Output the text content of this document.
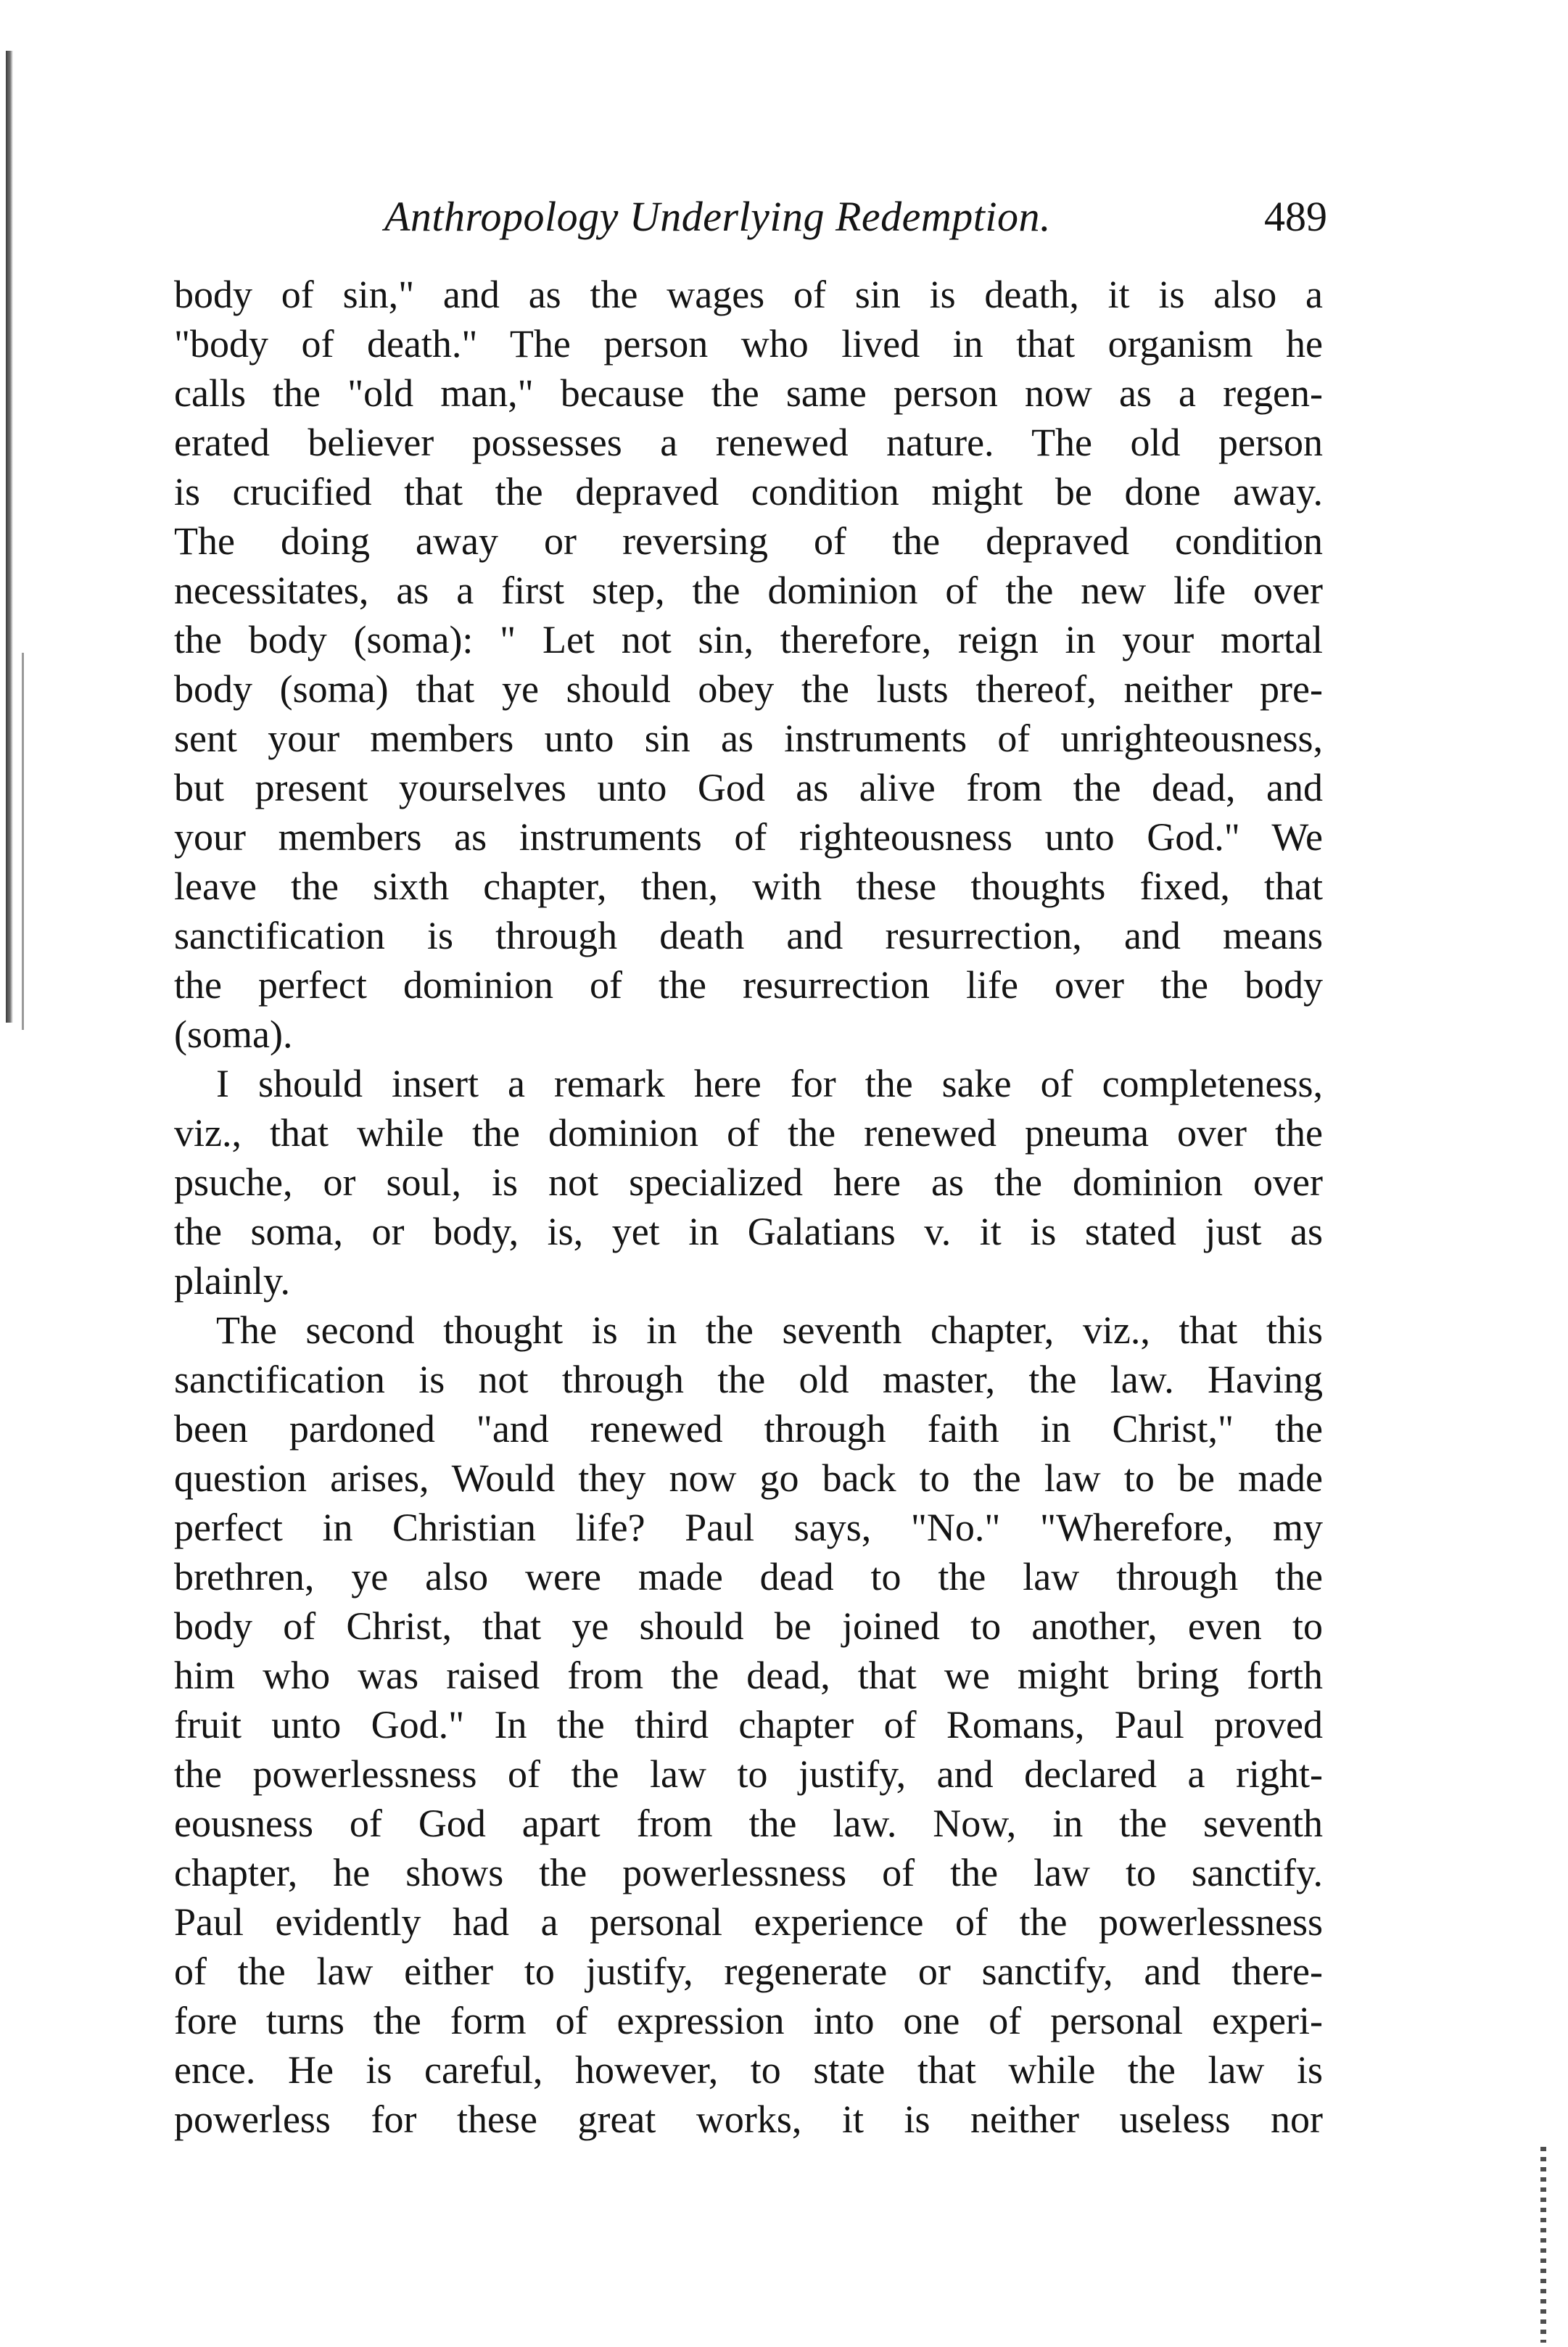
Anthropology Underlying Redemption.	489
body of sin," and as the wages of sin is death, it is also a
"body of death." The person who lived in that organism he
calls the "old man," because the same person now as a regen-
erated believer possesses a renewed nature. The old person
is crucified that the depraved condition might be done away.
The doing away or reversing of the depraved condition
necessitates, as a first step, the dominion of the new life over
the body (soma): " Let not sin, therefore, reign in your mortal
body (soma) that ye should obey the lusts thereof, neither pre-
sent your members unto sin as instruments of unrighteousness,
but present yourselves unto God as alive from the dead, and
your members as instruments of righteousness unto God." We
leave the sixth chapter, then, with these thoughts fixed, that
sanctification is through death and resurrection, and means
the perfect dominion of the resurrection life over the body
(soma).
I should insert a remark here for the sake of completeness,
viz., that while the dominion of the renewed pneuma over the
psuche, or soul, is not specialized here as the dominion over
the soma, or body, is, yet in Galatians v. it is stated just as
plainly.
The second thought is in the seventh chapter, viz., that this
sanctification is not through the old master, the law. Having
been pardoned "and renewed through faith in Christ," the
question arises, Would they now go back to the law to be made
perfect in Christian life? Paul says, "No." "Wherefore, my
brethren, ye also were made dead to the law through the
body of Christ, that ye should be joined to another, even to
him who was raised from the dead, that we might bring forth
fruit unto God." In the third chapter of Romans, Paul proved
the powerlessness of the law to justify, and declared a right-
eousness of God apart from the law. Now, in the seventh
chapter, he shows the powerlessness of the law to sanctify.
Paul evidently had a personal experience of the powerlessness
of the law either to justify, regenerate or sanctify, and there-
fore turns the form of expression into one of personal experi-
ence. He is careful, however, to state that while the law is
powerless for these great works, it is neither useless nor
